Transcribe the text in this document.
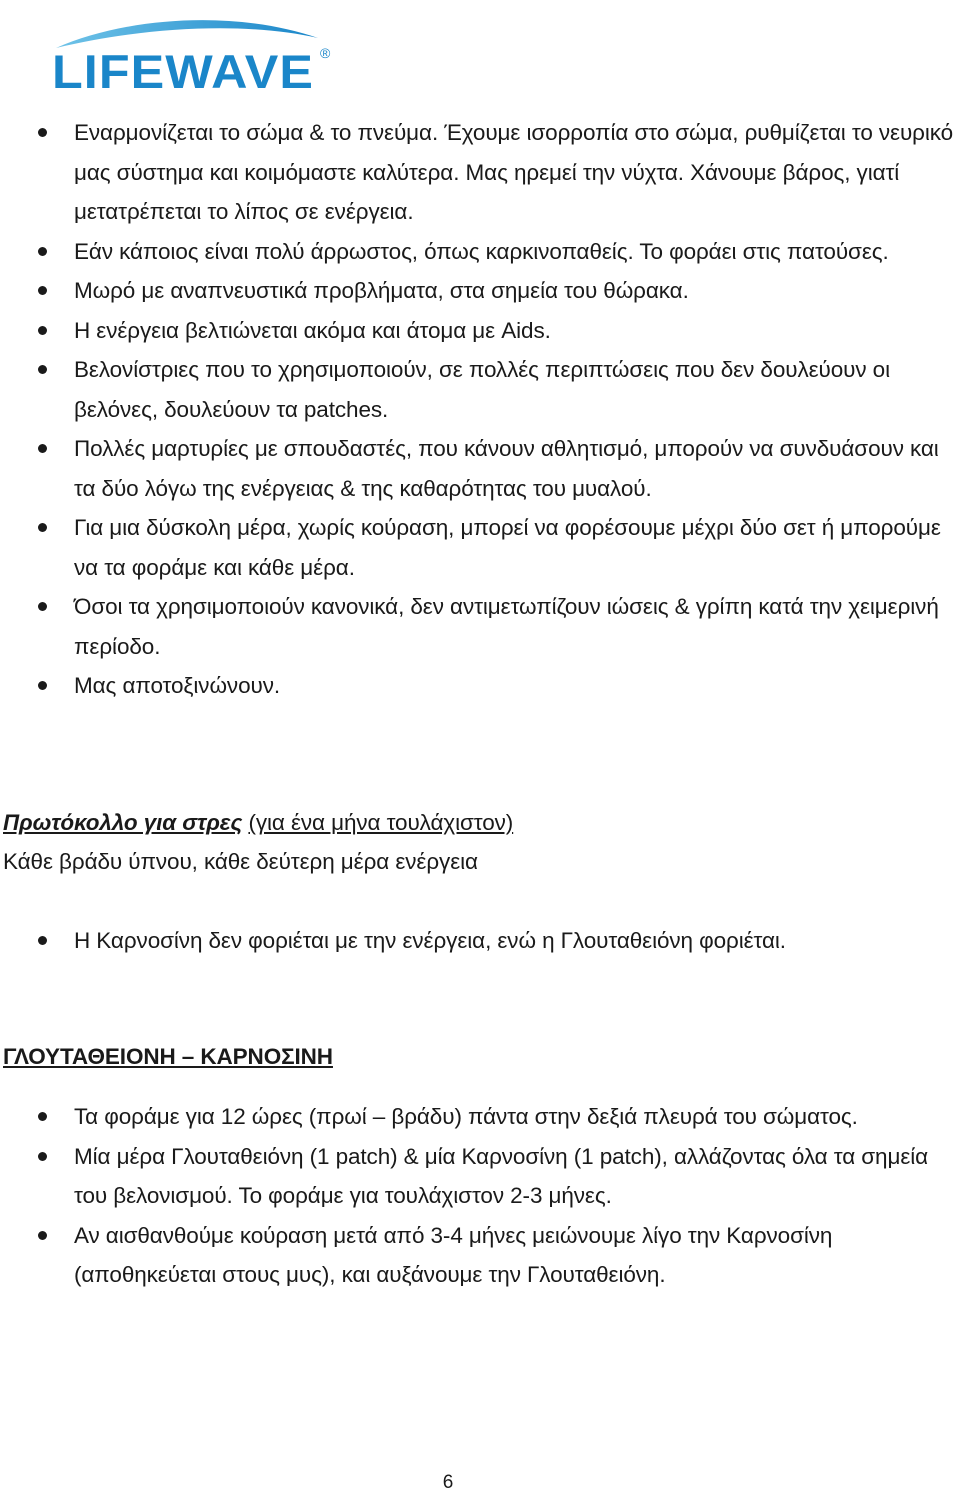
LIFEWAVE ®
Εναρμονίζεται το σώμα & το πνεύμα. Έχουμε ισορροπία στο σώμα, ρυθμίζεται το νευρικό μας σύστημα και κοιμόμαστε καλύτερα. Μας ηρεμεί την νύχτα. Χάνουμε βάρος, γιατί μετατρέπεται το λίπος σε ενέργεια.
Εάν κάποιος είναι πολύ άρρωστος, όπως καρκινοπαθείς. Το φοράει στις πατούσες.
Μωρό με αναπνευστικά προβλήματα, στα σημεία του θώρακα.
Η ενέργεια βελτιώνεται ακόμα και άτομα με Aids.
Βελονίστριες που το χρησιμοποιούν, σε πολλές περιπτώσεις που δεν δουλεύουν οι βελόνες, δουλεύουν τα patches.
Πολλές μαρτυρίες με σπουδαστές, που κάνουν αθλητισμό, μπορούν να συνδυάσουν και τα δύο λόγω της ενέργειας & της καθαρότητας του μυαλού.
Για μια δύσκολη μέρα, χωρίς κούραση, μπορεί να φορέσουμε μέχρι δύο σετ ή μπορούμε να τα φοράμε και κάθε μέρα.
Όσοι τα χρησιμοποιούν κανονικά, δεν αντιμετωπίζουν ιώσεις & γρίπη κατά την χειμερινή περίοδο.
Μας αποτοξινώνουν.
Πρωτόκολλο για στρες (για ένα μήνα τουλάχιστον)
Κάθε βράδυ ύπνου, κάθε δεύτερη μέρα ενέργεια
Η Καρνοσίνη δεν φοριέται με την ενέργεια, ενώ η Γλουταθειόνη φοριέται.
ΓΛΟΥΤΑΘΕΙΟΝΗ – ΚΑΡΝΟΣΙΝΗ
Τα φοράμε για 12 ώρες (πρωί – βράδυ) πάντα στην δεξιά πλευρά του σώματος.
Μία μέρα Γλουταθειόνη (1 patch) & μία Καρνοσίνη (1 patch), αλλάζοντας όλα τα σημεία του βελονισμού. Το φοράμε για τουλάχιστον 2-3 μήνες.
Αν αισθανθούμε κούραση μετά από 3-4 μήνες μειώνουμε λίγο την Καρνοσίνη (αποθηκεύεται στους μυς), και αυξάνουμε την Γλουταθειόνη.
6
